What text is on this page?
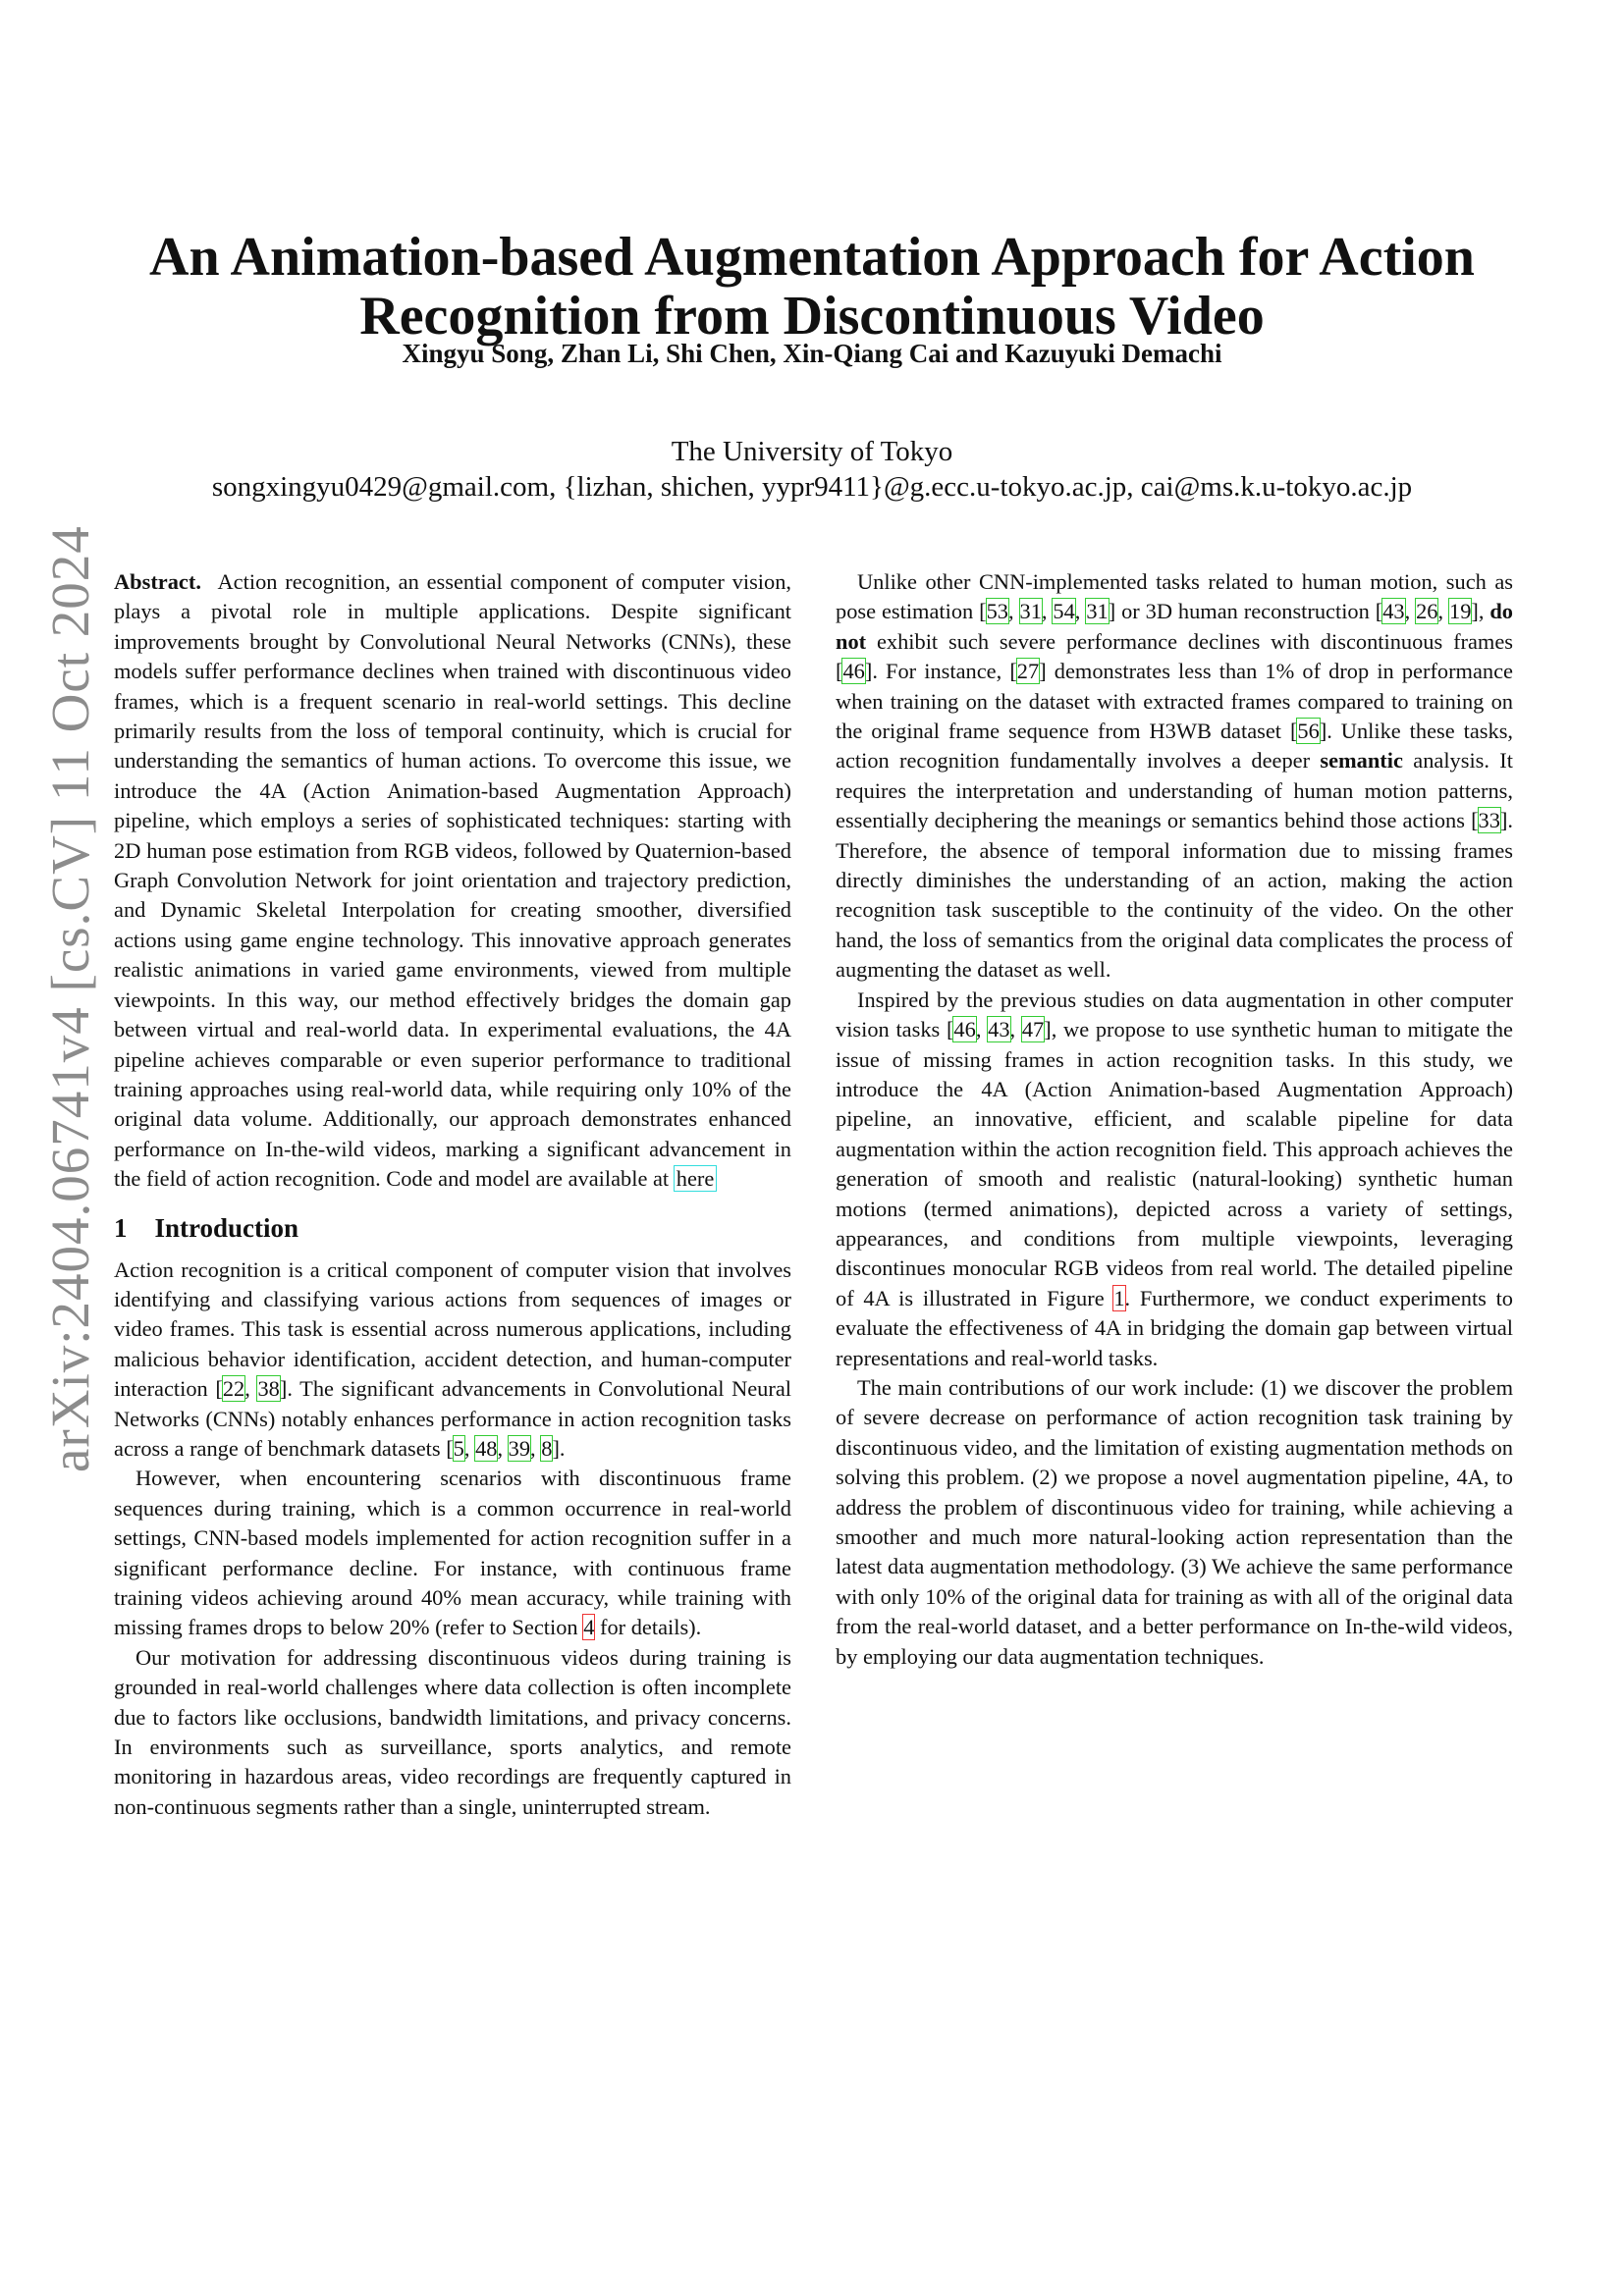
arXiv:2404.06741v4 [cs.CV] 11 Oct 2024
An Animation-based Augmentation Approach for Action
Recognition from Discontinuous Video
Xingyu Song, Zhan Li, Shi Chen, Xin-Qiang Cai and Kazuyuki Demachi
The University of Tokyo
songxingyu0429@gmail.com, {lizhan, shichen, yypr9411}@g.ecc.u-tokyo.ac.jp, cai@ms.k.u-tokyo.ac.jp

Abstract. Action recognition, an essential component of computer vision, plays a pivotal role in multiple applications. Despite significant improvements brought by Convolutional Neural Networks (CNNs), these models suffer performance declines when trained with discontinuous video frames, which is a frequent scenario in real-world settings. This decline primarily results from the loss of temporal continuity, which is crucial for understanding the semantics of human actions. To overcome this issue, we introduce the 4A (Action Animation-based Augmentation Approach) pipeline, which employs a series of sophisticated techniques: starting with 2D human pose estimation from RGB videos, followed by Quaternion-based Graph Convolution Network for joint orientation and trajectory prediction, and Dynamic Skeletal Interpolation for creating smoother, diversified actions using game engine technology. This innovative approach generates realistic animations in varied game environments, viewed from multiple viewpoints. In this way, our method effectively bridges the domain gap between virtual and real-world data. In experimental evaluations, the 4A pipeline achieves comparable or even superior performance to traditional training approaches using real-world data, while requiring only 10% of the original data volume. Additionally, our approach demonstrates enhanced performance on In-the-wild videos, marking a significant advancement in the field of action recognition. Code and model are available at here

1 Introduction

Action recognition is a critical component of computer vision that involves identifying and classifying various actions from sequences of images or video frames. This task is essential across numerous applications, including malicious behavior identification, accident detection, and human-computer interaction [22, 38]. The significant advancements in Convolutional Neural Networks (CNNs) notably enhances performance in action recognition tasks across a range of benchmark datasets [5, 48, 39, 8].

However, when encountering scenarios with discontinuous frame sequences during training, which is a common occurrence in real-world settings, CNN-based models implemented for action recognition suffer in a significant performance decline. For instance, with continuous frame training videos achieving around 40% mean accuracy, while training with missing frames drops to below 20% (refer to Section 4 for details).

Our motivation for addressing discontinuous videos during training is grounded in real-world challenges where data collection is often incomplete due to factors like occlusions, bandwidth limitations, and privacy concerns. In environments such as surveillance, sports analytics, and remote monitoring in hazardous areas, video recordings are frequently captured in non-continuous segments rather than a single, uninterrupted stream.

Unlike other CNN-implemented tasks related to human motion, such as pose estimation [53, 31, 54, 31] or 3D human reconstruction [43, 26, 19], do not exhibit such severe performance declines with discontinuous frames [46]. For instance, [27] demonstrates less than 1% of drop in performance when training on the dataset with extracted frames compared to training on the original frame sequence from H3WB dataset [56]. Unlike these tasks, action recognition fundamentally involves a deeper semantic analysis. It requires the interpretation and understanding of human motion patterns, essentially deciphering the meanings or semantics behind those actions [33]. Therefore, the absence of temporal information due to missing frames directly diminishes the understanding of an action, making the action recognition task susceptible to the continuity of the video. On the other hand, the loss of semantics from the original data complicates the process of augmenting the dataset as well.

Inspired by the previous studies on data augmentation in other computer vision tasks [46, 43, 47], we propose to use synthetic human to mitigate the issue of missing frames in action recognition tasks. In this study, we introduce the 4A (Action Animation-based Augmentation Approach) pipeline, an innovative, efficient, and scalable pipeline for data augmentation within the action recognition field. This approach achieves the generation of smooth and realistic (natural-looking) synthetic human motions (termed animations), depicted across a variety of settings, appearances, and conditions from multiple viewpoints, leveraging discontinues monocular RGB videos from real world. The detailed pipeline of 4A is illustrated in Figure 1. Furthermore, we conduct experiments to evaluate the effectiveness of 4A in bridging the domain gap between virtual representations and real-world tasks.

The main contributions of our work include: (1) we discover the problem of severe decrease on performance of action recognition task training by discontinuous video, and the limitation of existing augmentation methods on solving this problem. (2) we propose a novel augmentation pipeline, 4A, to address the problem of discontinuous video for training, while achieving a smoother and much more natural-looking action representation than the latest data augmentation methodology. (3) We achieve the same performance with only 10% of the original data for training as with all of the original data from the real-world dataset, and a better performance on In-the-wild videos, by employing our data augmentation techniques.
